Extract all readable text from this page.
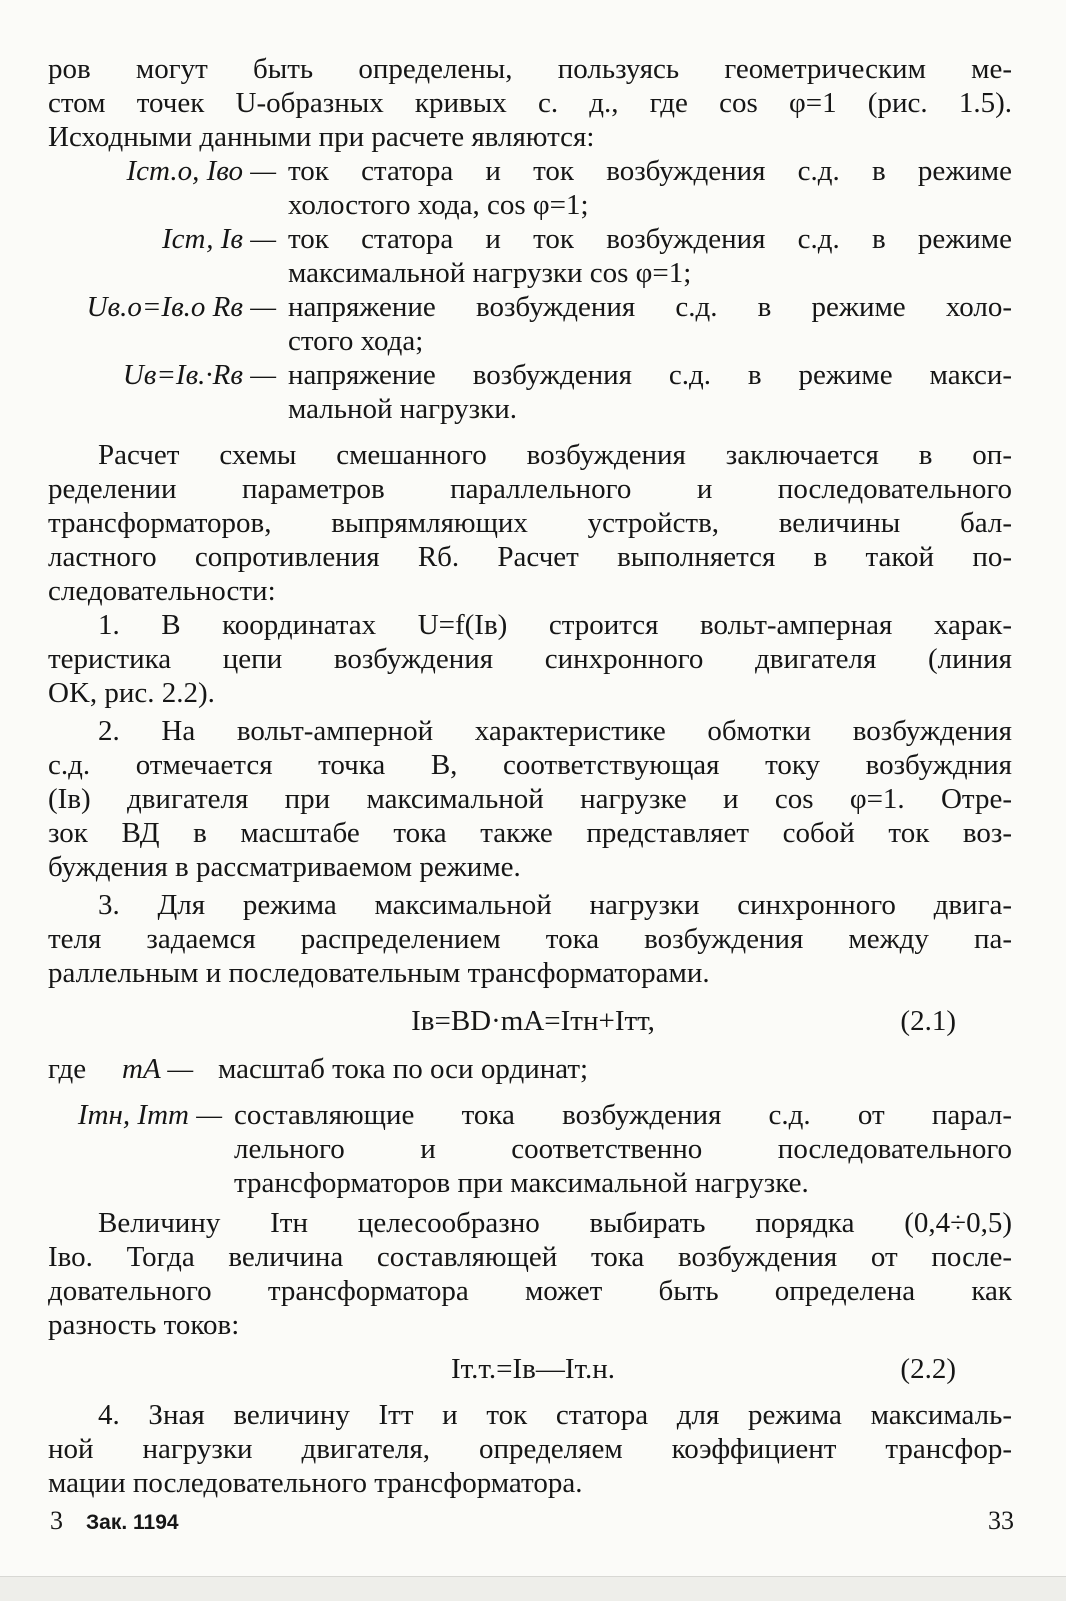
ров могут быть определены, пользуясь геометрическим ме-
стом точек U-образных кривых с. д., где cos φ=1 (рис. 1.5).
Исходными данными при расчете являются:
Iст.о, Iво — ток статора и ток возбуждения с.д. в режиме
холостого хода, cos φ=1;
Iст, Iв — ток статора и ток возбуждения с.д. в режиме
максимальной нагрузки cos φ=1;
Uв.о=Iв.о Rв — напряжение возбуждения с.д. в режиме холо-
стого хода;
Uв=Iв.·Rв — напряжение возбуждения с.д. в режиме макси-
мальной нагрузки.
Расчет схемы смешанного возбуждения заключается в оп-
ределении параметров параллельного и последовательного
трансформаторов, выпрямляющих устройств, величины бал-
ластного сопротивления Rб. Расчет выполняется в такой по-
следовательности:
1. В координатах U=f(Iв) строится вольт-амперная харак-
теристика цепи возбуждения синхронного двигателя (линия
OK, рис. 2.2).
2. На вольт-амперной характеристике обмотки возбуждения
с.д. отмечается точка B, соответствующая току возбуждния
(Iв) двигателя при максимальной нагрузке и cos φ=1. Отре-
зок ВД в масштабе тока также представляет собой ток воз-
буждения в рассматриваемом режиме.
3. Для режима максимальной нагрузки синхронного двига-
теля задаемся распределением тока возбуждения между па-
раллельным и последовательным трансформаторами.
Iв=BD·mA=Iтн+Iтт,	(2.1)
где	mA — масштаб тока по оси ординат;
Iтн, Iтт — составляющие тока возбуждения с.д. от парал-
лельного и соответственно последовательного
трансформаторов при максимальной нагрузке.
Величину Iтн целесообразно выбирать порядка (0,4÷0,5)
Iво. Тогда величина составляющей тока возбуждения от после-
довательного трансформатора может быть определена как
разность токов:
Iт.т.=Iв—Iт.н.	(2.2)
4. Зная величину Iтт и ток статора для режима максималь-
ной нагрузки двигателя, определяем коэффициент трансфор-
мации последовательного трансформатора.
3 Зак. 1194	33
